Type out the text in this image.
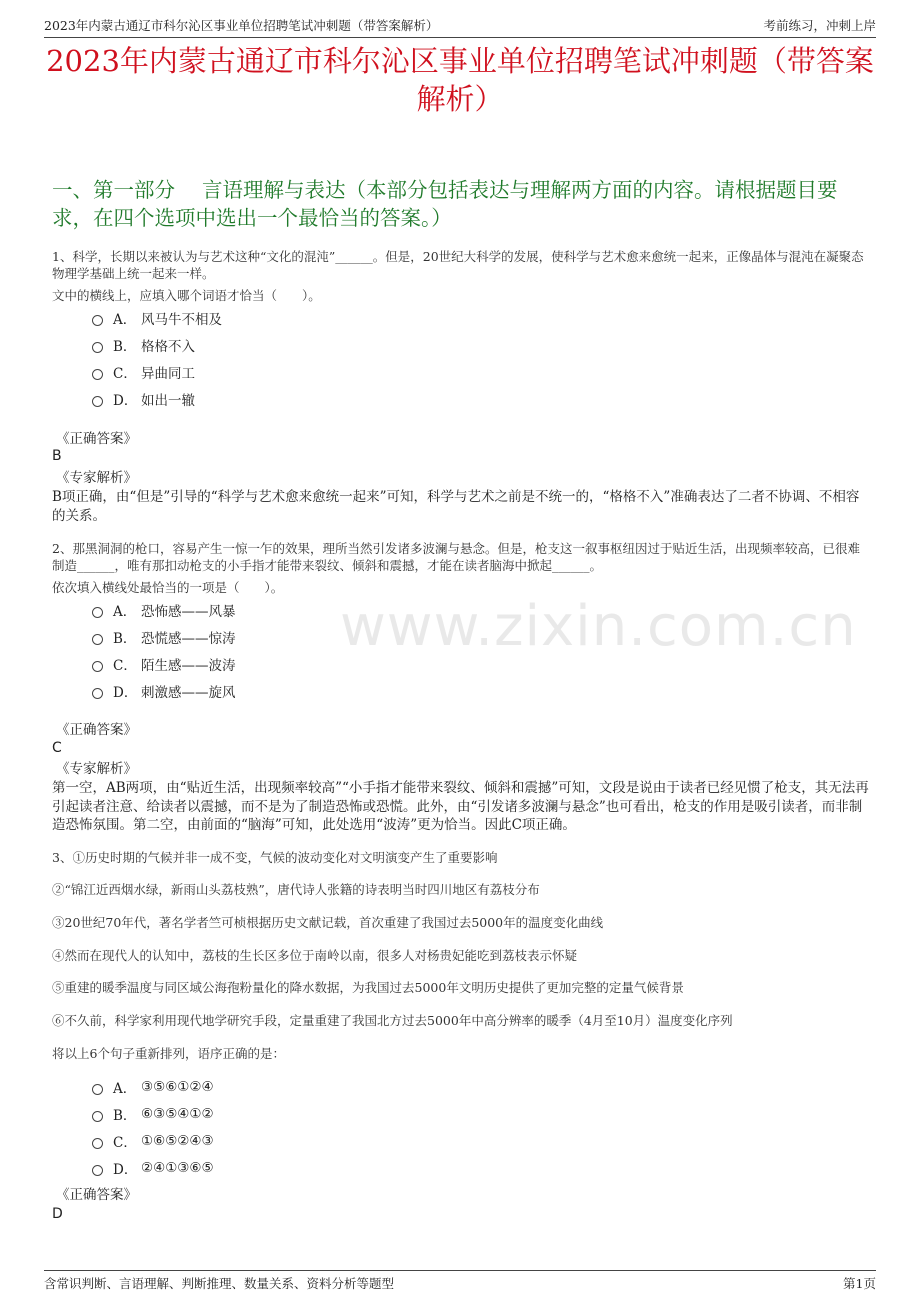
2023年内蒙古通辽市科尔沁区事业单位招聘笔试冲刺题（带答案解析）	考前练习，冲刺上岸
2023年内蒙古通辽市科尔沁区事业单位招聘笔试冲刺题（带答案解析）
一、第一部分　 言语理解与表达（本部分包括表达与理解两方面的内容。请根据题目要求，在四个选项中选出一个最恰当的答案。）
www.zixin.com.cn
1、科学，长期以来被认为与艺术这种“文化的混沌”______。但是，20世纪大科学的发展，使科学与艺术愈来愈统一起来，正像晶体与混沌在凝聚态物理学基础上统一起来一样。
文中的横线上，应填入哪个词语才恰当（　　）。
A． 风马牛不相及
B． 格格不入
C． 异曲同工
D． 如出一辙
《正确答案》
B
《专家解析》
B项正确，由“但是”引导的“科学与艺术愈来愈统一起来”可知，科学与艺术之前是不统一的，“格格不入”准确表达了二者不协调、不相容的关系。
2、那黑洞洞的枪口，容易产生一惊一乍的效果，理所当然引发诸多波澜与悬念。但是，枪支这一叙事枢纽因过于贴近生活，出现频率较高，已很难制造______，唯有那扣动枪支的小手指才能带来裂纹、倾斜和震撼，才能在读者脑海中掀起______。
依次填入横线处最恰当的一项是（　　）。
A． 恐怖感——风暴
B． 恐慌感——惊涛
C． 陌生感——波涛
D． 刺激感——旋风
《正确答案》
C
《专家解析》
第一空，AB两项，由“贴近生活，出现频率较高”“小手指才能带来裂纹、倾斜和震撼”可知，文段是说由于读者已经见惯了枪支，其无法再引起读者注意、给读者以震撼，而不是为了制造恐怖或恐慌。此外，由“引发诸多波澜与悬念”也可看出，枪支的作用是吸引读者，而非制造恐怖氛围。第二空，由前面的“脑海”可知，此处选用“波涛”更为恰当。因此C项正确。
3、①历史时期的气候并非一成不变，气候的波动变化对文明演变产生了重要影响
②“锦江近西烟水绿，新雨山头荔枝熟”，唐代诗人张籍的诗表明当时四川地区有荔枝分布
③20世纪70年代，著名学者竺可桢根据历史文献记载，首次重建了我国过去5000年的温度变化曲线
④然而在现代人的认知中，荔枝的生长区多位于南岭以南，很多人对杨贵妃能吃到荔枝表示怀疑
⑤重建的暖季温度与同区域公海孢粉量化的降水数据，为我国过去5000年文明历史提供了更加完整的定量气候背景
⑥不久前，科学家利用现代地学研究手段，定量重建了我国北方过去5000年中高分辨率的暖季（4月至10月）温度变化序列
将以上6个句子重新排列，语序正确的是：
A． ③⑤⑥①②④
B． ⑥③⑤④①②
C． ①⑥⑤②④③
D． ②④①③⑥⑤
《正确答案》
D
含常识判断、言语理解、判断推理、数量关系、资料分析等题型	第1页
